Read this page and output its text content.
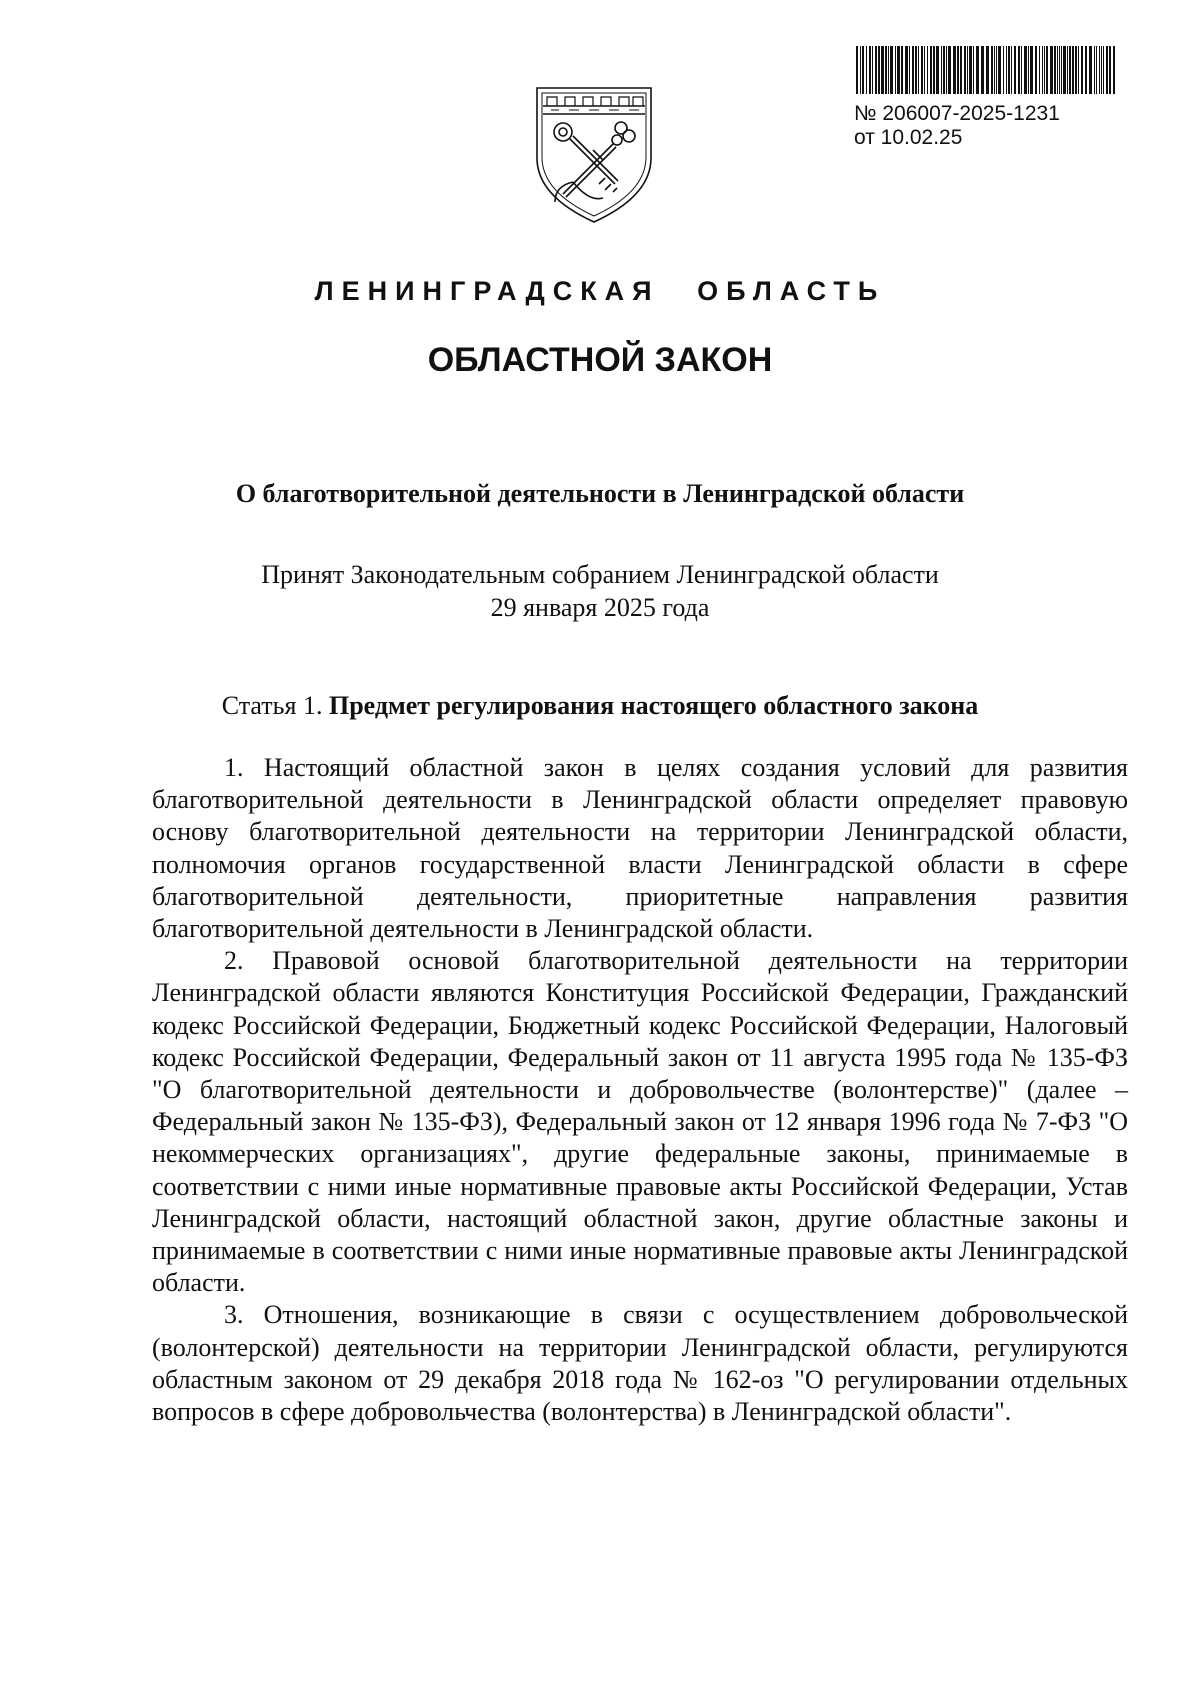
№ 206007-2025-1231
от 10.02.25
ЛЕНИНГРАДСКАЯ ОБЛАСТЬ
ОБЛАСТНОЙ ЗАКОН
О благотворительной деятельности в Ленинградской области
Принят Законодательным собранием Ленинградской области
29 января 2025 года
Статья 1. Предмет регулирования настоящего областного закона

1. Настоящий областной закон в целях создания условий для развития благотворительной деятельности в Ленинградской области определяет правовую основу благотворительной деятельности на территории Ленинградской области, полномочия органов государственной власти Ленинградской области в сфере благотворительной деятельности, приоритетные направления развития благотворительной деятельности в Ленинградской области.

2. Правовой основой благотворительной деятельности на территории Ленинградской области являются Конституция Российской Федерации, Гражданский кодекс Российской Федерации, Бюджетный кодекс Российской Федерации, Налоговый кодекс Российской Федерации, Федеральный закон от 11 августа 1995 года № 135-ФЗ "О благотворительной деятельности и добровольчестве (волонтерстве)" (далее – Федеральный закон № 135-ФЗ), Федеральный закон от 12 января 1996 года № 7-ФЗ "О некоммерческих организациях", другие федеральные законы, принимаемые в соответствии с ними иные нормативные правовые акты Российской Федерации, Устав Ленинградской области, настоящий областной закон, другие областные законы и принимаемые в соответствии с ними иные нормативные правовые акты Ленинградской области.

3. Отношения, возникающие в связи с осуществлением добровольческой (волонтерской) деятельности на территории Ленинградской области, регулируются областным законом от 29 декабря 2018 года № 162-оз "О регулировании отдельных вопросов в сфере добровольчества (волонтерства) в Ленинградской области".
